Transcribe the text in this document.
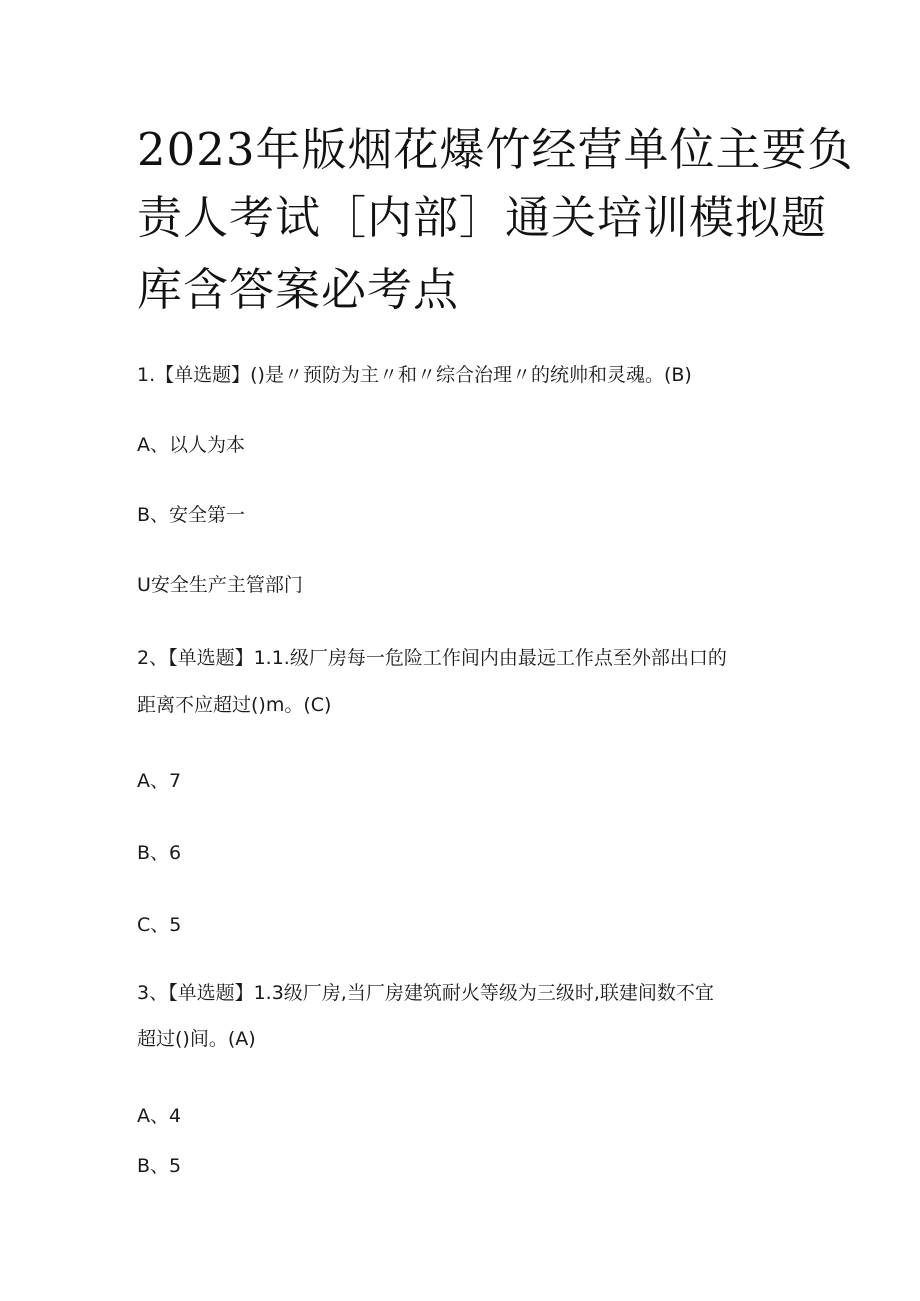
2023年版烟花爆竹经营单位主要负
责人考试［内部］通关培训模拟题
库含答案必考点
1.【单选题】()是〃预防为主〃和〃综合治理〃的统帅和灵魂。(B)
A、以人为本
B、安全第一
U安全生产主管部门
2、【单选题】1.1.级厂房每一危险工作间内由最远工作点至外部出口的
距离不应超过()m。(C)
A、7
B、6
C、5
3、【单选题】1.3级厂房,当厂房建筑耐火等级为三级时,联建间数不宜
超过()间。(A)
A、4
B、5
